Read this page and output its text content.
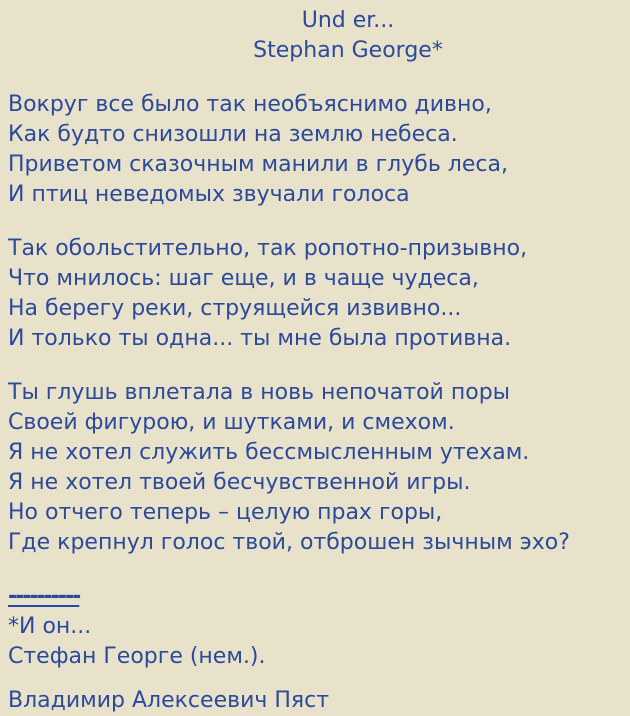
Und er...

Stephan George*

Вокруг все было так необъяснимо дивно,

Как будто снизошли на землю небеса.

Приветом сказочным манили в глубь леса,

И птиц неведомых звучали голоса

Так обольстительно, так ропотно-призывно,

Что мнилось: шаг еще, и в чаще чудеса,

На берегу реки, струящейся извивно...

И только ты одна... ты мне была противна.

Ты глушь вплетала в новь непочатой поры

Своей фигурою, и шутками, и смехом.

Я не хотел служить бессмысленным утехам.

Я не хотел твоей бесчувственной игры.

Но отчего теперь – целую прах горы,

Где крепнул голос твой, отброшен зычным эхо?

----------

*И он...

Стефан Георге (нем.).

Владимир Алексеевич Пяст
